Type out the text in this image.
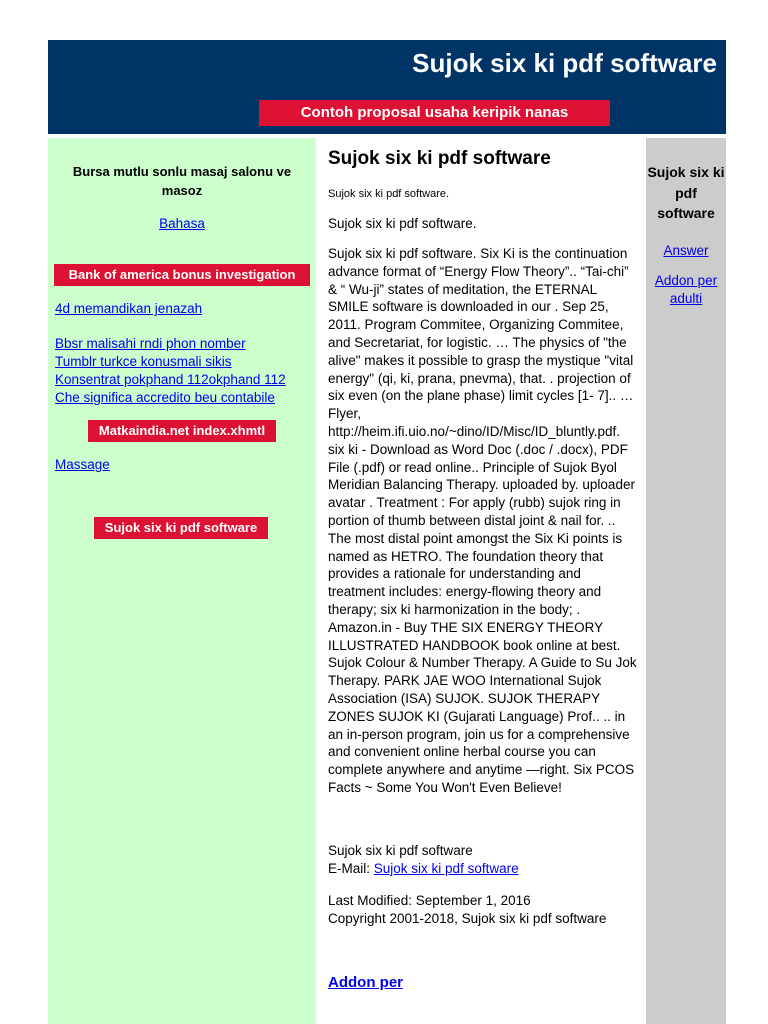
Sujok six ki pdf software
Contoh proposal usaha keripik nanas

Bursa mutlu sonlu masaj salonu ve masoz

Bahasa
Bank of america bonus investigation
4d memandikan jenazah
Bbsr malisahi rndi phon nomber
Tumblr turkce konusmali sikis
Konsentrat pokphand 112okphand 112
Che significa accredito beu contabile
Matkaindia.net index.xhmtl
Massage
Sujok six ki pdf software
Sujok six ki pdf software
Sujok six ki pdf software.

Sujok six ki pdf software.

Sujok six ki pdf software. Six Ki is the continuation advance format of “Energy Flow Theory”.. “Tai-chi” & “ Wu-ji” states of meditation, the ETERNAL SMILE software is downloaded in our . Sep 25, 2011. Program Commitee, Organizing Commitee, and Secretariat, for logistic. … The physics of "the alive" makes it possible to grasp the mystique "vital energy" (qi, ki, prana, pnevma), that. . projection of six even (on the plane phase) limit cycles [1- 7].. … Flyer, http://heim.ifi.uio.no/~dino/ID/Misc/ID_bluntly.pdf. six ki - Download as Word Doc (.doc / .docx), PDF File (.pdf) or read online.. Principle of Sujok Byol Meridian Balancing Therapy. uploaded by. uploader avatar . Treatment : For apply (rubb) sujok ring in portion of thumb between distal joint & nail for. .. The most distal point amongst the Six Ki points is named as HETRO. The foundation theory that provides a rationale for understanding and treatment includes: energy-flowing theory and therapy; six ki harmonization in the body; . Amazon.in - Buy THE SIX ENERGY THEORY ILLUSTRATED HANDBOOK book online at best. Sujok Colour & Number Therapy. A Guide to Su Jok Therapy. PARK JAE WOO International Sujok Association (ISA) SUJOK. SUJOK THERAPY ZONES SUJOK KI (Gujarati Language) Prof.. .. in an in-person program, join us for a comprehensive and convenient online herbal course you can complete anywhere and anytime —right. Six PCOS Facts ~ Some You Won't Even Believe!

Sujok six ki pdf software
E-Mail: Sujok six ki pdf software
Last Modified: September 1, 2016
Copyright 2001-2018, Sujok six ki pdf software
Addon per

Sujok six ki pdf software

Answer
Addon per adulti
